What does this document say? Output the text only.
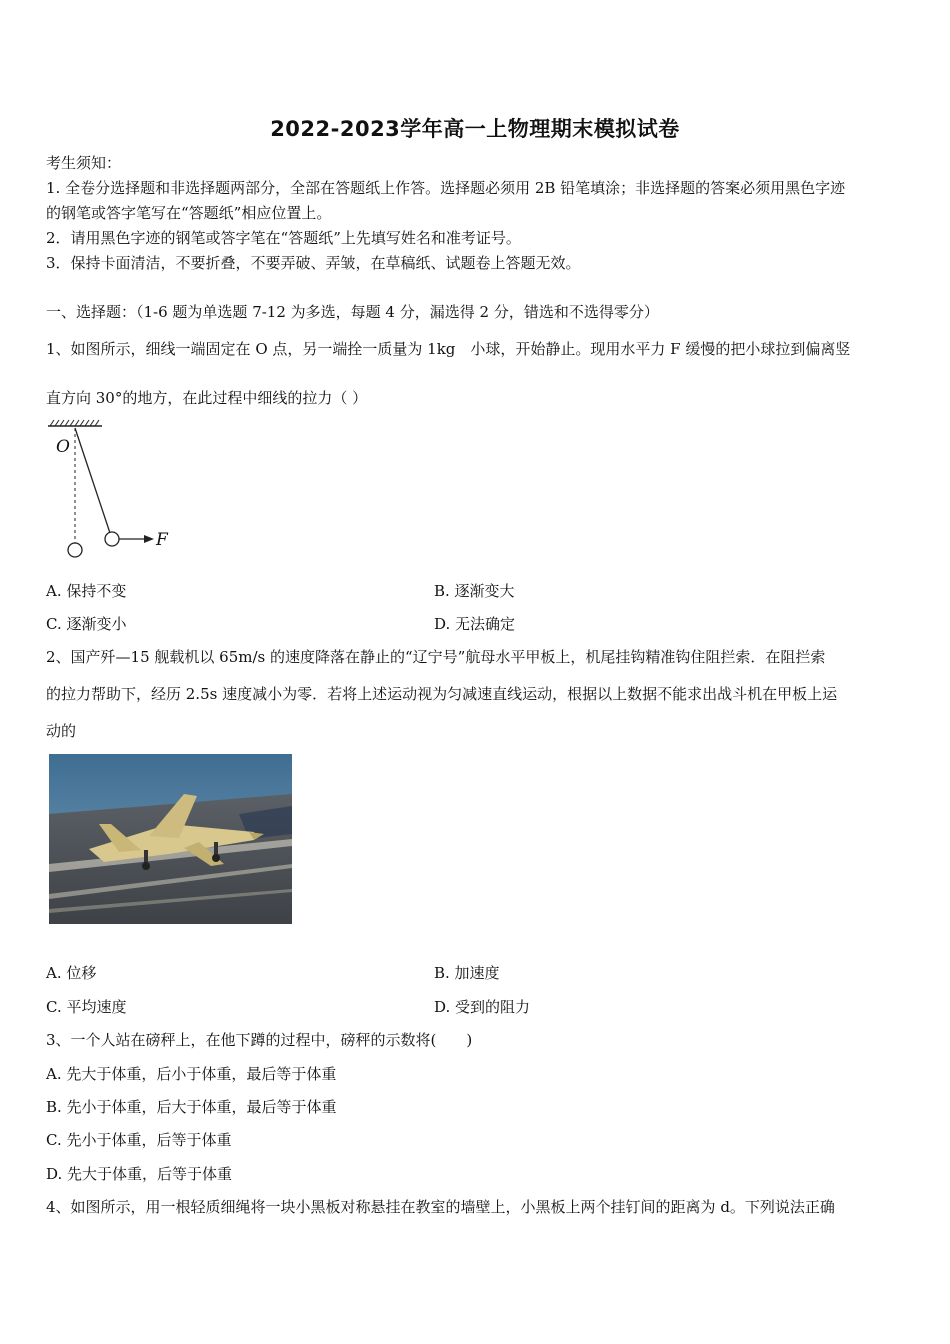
2022-2023学年高一上物理期末模拟试卷
考生须知：
1. 全卷分选择题和非选择题两部分，全部在答题纸上作答。选择题必须用 2B 铅笔填涂；非选择题的答案必须用黑色字迹
的钢笔或答字笔写在“答题纸”相应位置上。
2．请用黑色字迹的钢笔或答字笔在“答题纸”上先填写姓名和准考证号。
3．保持卡面清洁，不要折叠，不要弄破、弄皱，在草稿纸、试题卷上答题无效。
一、选择题：（1-6 题为单选题 7-12 为多选，每题 4 分，漏选得 2 分，错选和不选得零分）
1、如图所示，细线一端固定在 O 点，另一端拴一质量为 1kg　小球，开始静止。现用水平力 F 缓慢的把小球拉到偏离竖
直方向 30°的地方，在此过程中细线的拉力（ ）
O
F
A. 保持不变	B. 逐渐变大
C. 逐渐变小	D. 无法确定
2、国产歼—15 舰载机以 65m/s 的速度降落在静止的“辽宁号”航母水平甲板上，机尾挂钩精准钩住阻拦索．在阻拦索
的拉力帮助下，经历 2.5s 速度减小为零．若将上述运动视为匀减速直线运动，根据以上数据不能求出战斗机在甲板上运
动的
A. 位移	B. 加速度
C. 平均速度	D. 受到的阻力
3、一个人站在磅秤上，在他下蹲的过程中，磅秤的示数将(　　)
A. 先大于体重，后小于体重，最后等于体重
B. 先小于体重，后大于体重，最后等于体重
C. 先小于体重，后等于体重
D. 先大于体重，后等于体重
4、如图所示，用一根轻质细绳将一块小黑板对称悬挂在教室的墙壁上，小黑板上两个挂钉间的距离为 d。下列说法正确
